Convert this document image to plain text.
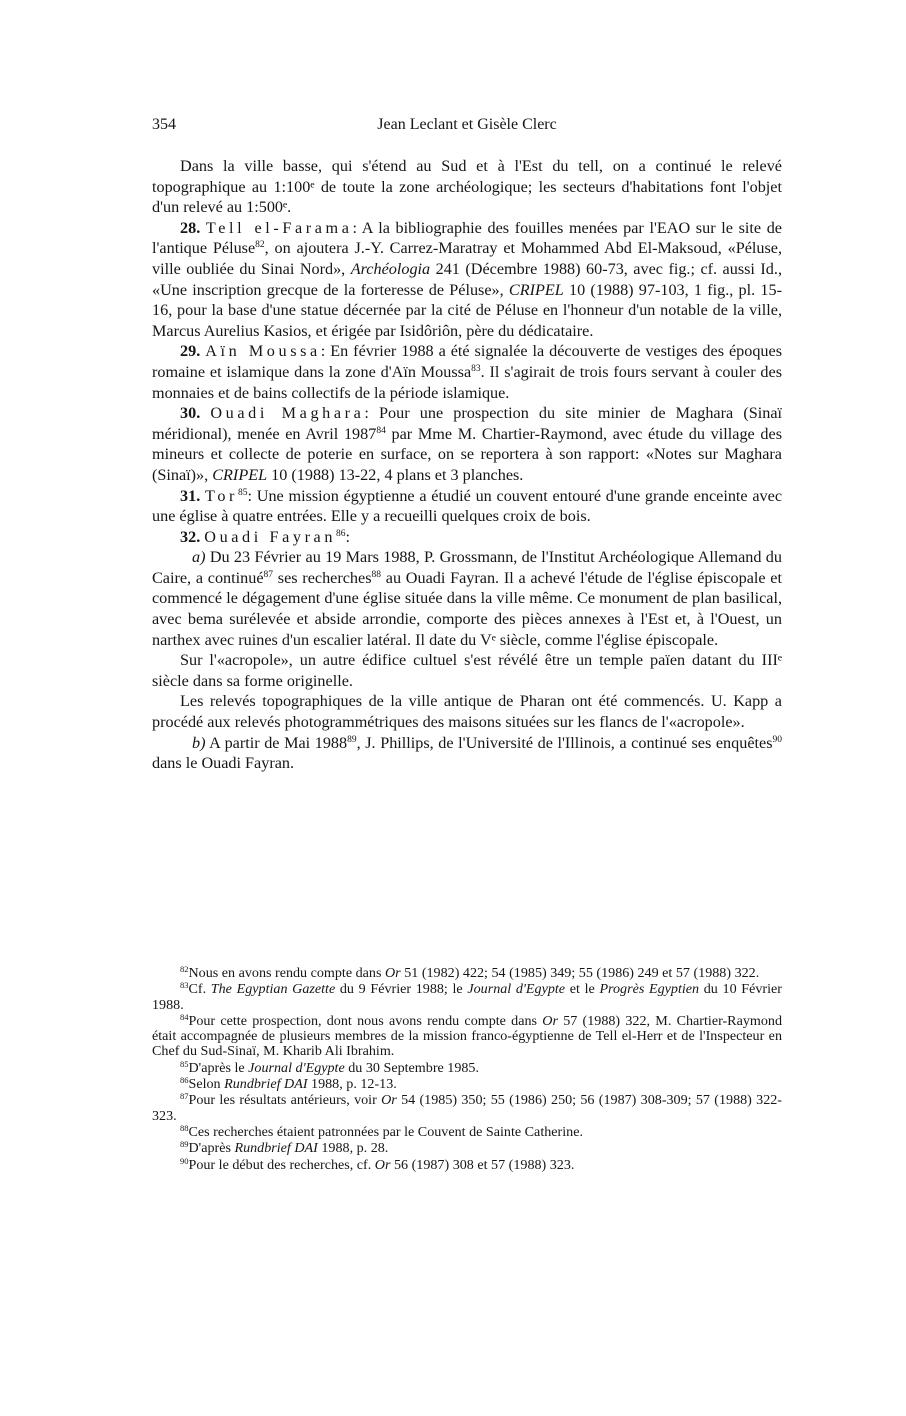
354	Jean Leclant et Gisèle Clerc

Dans la ville basse, qui s'étend au Sud et à l'Est du tell, on a continué le relevé topographique au 1:100ᵉ de toute la zone archéologique; les secteurs d'habitations font l'objet d'un relevé au 1:500ᵉ.

28. Tell el-Farama: A la bibliographie des fouilles menées par l'EAO sur le site de l'antique Péluse$^{82}$, on ajoutera J.-Y. Carrez-Maratray et Mohammed Abd El-Maksoud, «Péluse, ville oubliée du Sinai Nord», Archéologia 241 (Décembre 1988) 60-73, avec fig.; cf. aussi Id., «Une inscription grecque de la forteresse de Péluse», CRIPEL 10 (1988) 97-103, 1 fig., pl. 15-16, pour la base d'une statue décernée par la cité de Péluse en l'honneur d'un notable de la ville, Marcus Aurelius Kasios, et érigée par Isidôriôn, père du dédicataire.

29. Aïn Moussa: En février 1988 a été signalée la découverte de vestiges des époques romaine et islamique dans la zone d'Aïn Moussa$^{83}$. Il s'agirait de trois fours servant à couler des monnaies et de bains collectifs de la période islamique.

30. Ouadi Maghara: Pour une prospection du site minier de Maghara (Sinaï méridional), menée en Avril 1987$^{84}$ par Mme M. Chartier-Raymond, avec étude du village des mineurs et collecte de poterie en surface, on se reportera à son rapport: «Notes sur Maghara (Sinaï)», CRIPEL 10 (1988) 13-22, 4 plans et 3 planches.

31. Tor$^{85}$: Une mission égyptienne a étudié un couvent entouré d'une grande enceinte avec une église à quatre entrées. Elle y a recueilli quelques croix de bois.

32. Ouadi Fayran$^{86}$:

a) Du 23 Février au 19 Mars 1988, P. Grossmann, de l'Institut Archéologique Allemand du Caire, a continué$^{87}$ ses recherches$^{88}$ au Ouadi Fayran. Il a achevé l'étude de l'église épiscopale et commencé le dégagement d'une église située dans la ville même. Ce monument de plan basilical, avec bema surélevée et abside arrondie, comporte des pièces annexes à l'Est et, à l'Ouest, un narthex avec ruines d'un escalier latéral. Il date du Vᵉ siècle, comme l'église épiscopale.

Sur l'«acropole», un autre édifice cultuel s'est révélé être un temple païen datant du IIIᵉ siècle dans sa forme originelle.

Les relevés topographiques de la ville antique de Pharan ont été commencés. U. Kapp a procédé aux relevés photogrammétriques des maisons situées sur les flancs de l'«acropole».

b) A partir de Mai 1988$^{89}$, J. Phillips, de l'Université de l'Illinois, a continué ses enquêtes$^{90}$ dans le Ouadi Fayran.

$^{82}$Nous en avons rendu compte dans Or 51 (1982) 422; 54 (1985) 349; 55 (1986) 249 et 57 (1988) 322.

$^{83}$Cf. The Egyptian Gazette du 9 Février 1988; le Journal d'Egypte et le Progrès Egyptien du 10 Février 1988.

$^{84}$Pour cette prospection, dont nous avons rendu compte dans Or 57 (1988) 322, M. Chartier-Raymond était accompagnée de plusieurs membres de la mission franco-égyptienne de Tell el-Herr et de l'Inspecteur en Chef du Sud-Sinaï, M. Kharib Ali Ibrahim.

$^{85}$D'après le Journal d'Egypte du 30 Septembre 1985.

$^{86}$Selon Rundbrief DAI 1988, p. 12-13.

$^{87}$Pour les résultats antérieurs, voir Or 54 (1985) 350; 55 (1986) 250; 56 (1987) 308-309; 57 (1988) 322-323.

$^{88}$Ces recherches étaient patronnées par le Couvent de Sainte Catherine.

$^{89}$D'après Rundbrief DAI 1988, p. 28.

$^{90}$Pour le début des recherches, cf. Or 56 (1987) 308 et 57 (1988) 323.
